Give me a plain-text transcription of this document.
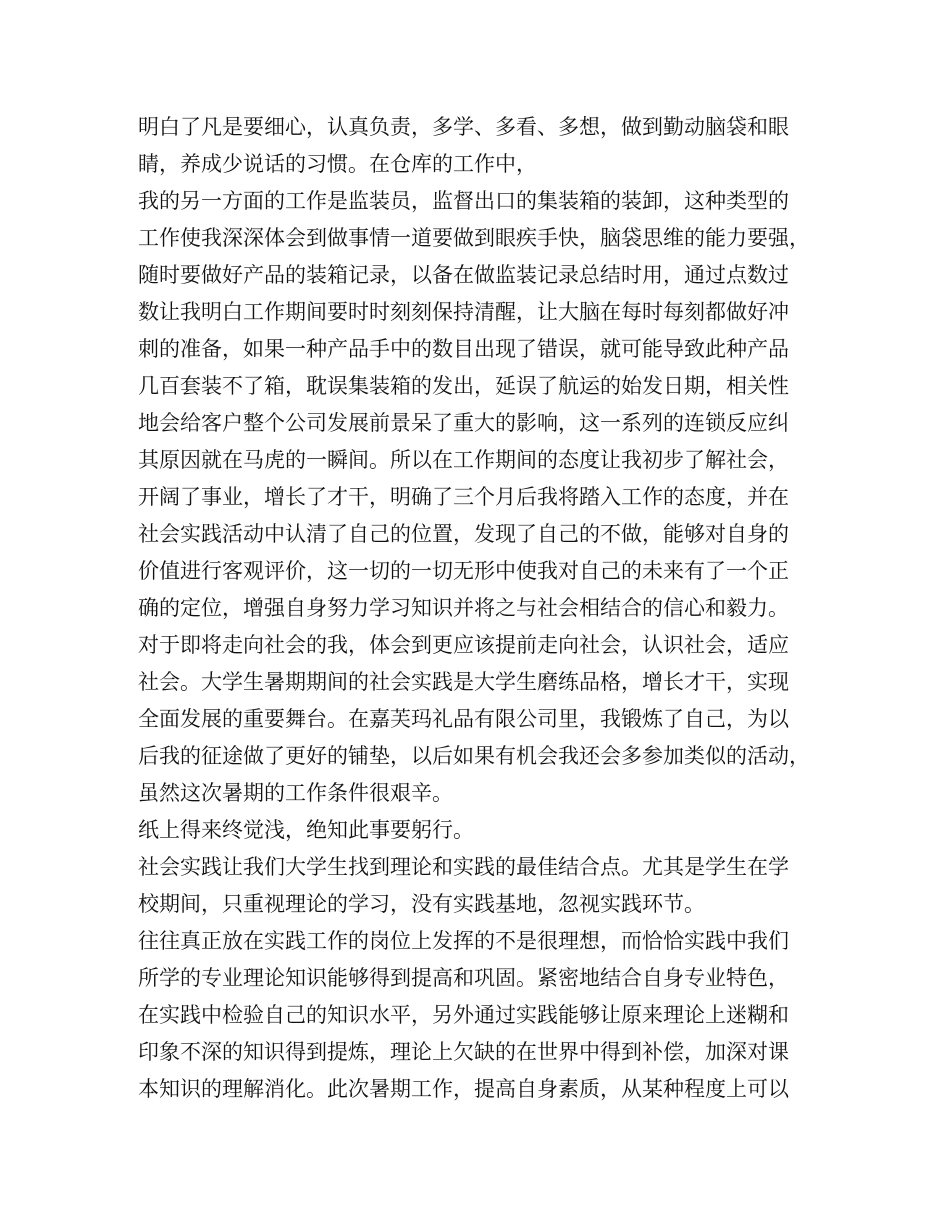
明白了凡是要细心，认真负责，多学、多看、多想，做到勤动脑袋和眼
睛，养成少说话的习惯。在仓库的工作中，
我的另一方面的工作是监装员，监督出口的集装箱的装卸，这种类型的
工作使我深深体会到做事情一道要做到眼疾手快，脑袋思维的能力要强，
随时要做好产品的装箱记录，以备在做监装记录总结时用，通过点数过
数让我明白工作期间要时时刻刻保持清醒，让大脑在每时每刻都做好冲
刺的准备，如果一种产品手中的数目出现了错误，就可能导致此种产品
几百套装不了箱，耽误集装箱的发出，延误了航运的始发日期，相关性
地会给客户整个公司发展前景呆了重大的影响，这一系列的连锁反应纠
其原因就在马虎的一瞬间。所以在工作期间的态度让我初步了解社会，
开阔了事业，增长了才干，明确了三个月后我将踏入工作的态度，并在
社会实践活动中认清了自己的位置，发现了自己的不做，能够对自身的
价值进行客观评价，这一切的一切无形中使我对自己的未来有了一个正
确的定位，增强自身努力学习知识并将之与社会相结合的信心和毅力。
对于即将走向社会的我，体会到更应该提前走向社会，认识社会，适应
社会。大学生暑期期间的社会实践是大学生磨练品格，增长才干，实现
全面发展的重要舞台。在嘉芙玛礼品有限公司里，我锻炼了自己，为以
后我的征途做了更好的铺垫，以后如果有机会我还会多参加类似的活动，
虽然这次暑期的工作条件很艰辛。
纸上得来终觉浅，绝知此事要躬行。
社会实践让我们大学生找到理论和实践的最佳结合点。尤其是学生在学
校期间，只重视理论的学习，没有实践基地，忽视实践环节。
往往真正放在实践工作的岗位上发挥的不是很理想，而恰恰实践中我们
所学的专业理论知识能够得到提高和巩固。紧密地结合自身专业特色，
在实践中检验自己的知识水平，另外通过实践能够让原来理论上迷糊和
印象不深的知识得到提炼，理论上欠缺的在世界中得到补偿，加深对课
本知识的理解消化。此次暑期工作，提高自身素质，从某种程度上可以
